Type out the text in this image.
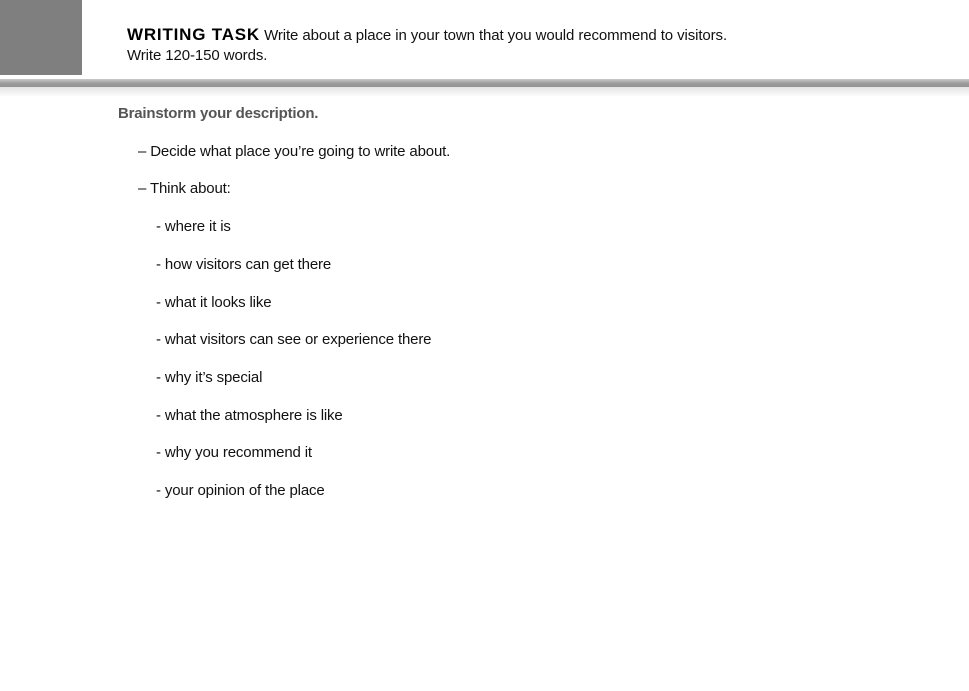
WRITING TASK Write about a place in your town that you would recommend to visitors.
Write 120-150 words.
Brainstorm your description.
– Decide what place you’re going to write about.
– Think about:
- where it is
- how visitors can get there
- what it looks like
- what visitors can see or experience there
- why it’s special
- what the atmosphere is like
- why you recommend it
- your opinion of the place
